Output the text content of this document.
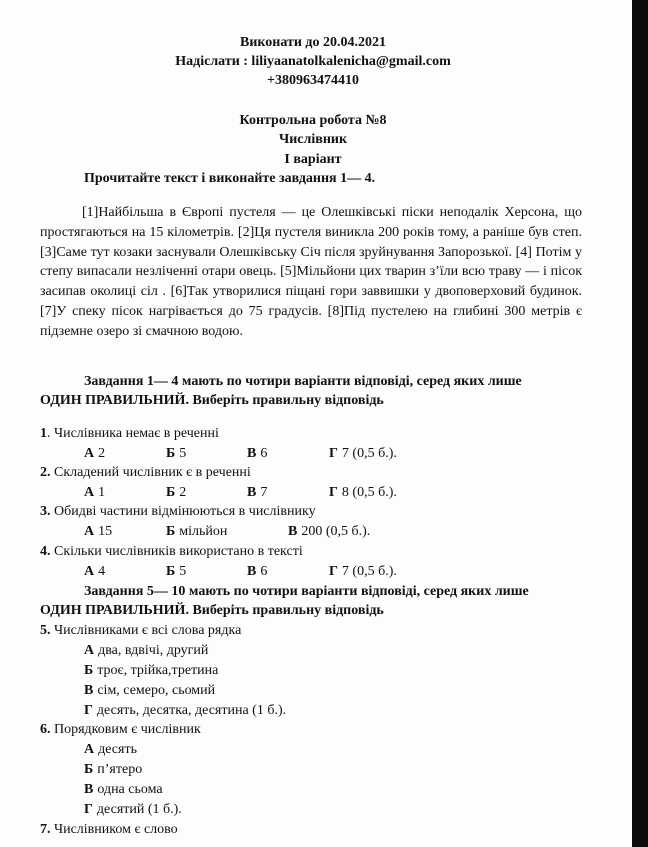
Виконати до 20.04.2021
Надіслати : liliyaanatolkalenicha@gmail.com
+380963474410
Контрольна робота №8
Числівник
І варіант
Прочитайте текст і виконайте завдання 1— 4.
[1]Найбільша в Європі пустеля — це Олешківські піски неподалік Херсона, що простягаються на 15 кілометрів. [2]Ця пустеля виникла 200 років тому, а раніше був степ. [3]Саме тут козаки заснували Олешківську Січ після зруйнування Запорозької. [4] Потім у степу випасали незліченні отари овець. [5]Мільйони цих тварин з’їли всю траву — і пісок засипав околиці сіл . [6]Так утворилися піщані гори заввишки у двоповерховий будинок. [7]У спеку пісок нагрівається до 75 градусів. [8]Під пустелею на глибині 300 метрів є підземне озеро зі смачною водою.
Завдання 1— 4 мають по чотири варіанти відповіді, серед яких лише
ОДИН ПРАВИЛЬНИЙ. Виберіть правильну відповідь
1. Числівника немає в реченні
А 2	Б 5	В 6	Г 7 (0,5 б.).
2. Складений числівник є в реченні
А 1	Б 2	В 7	Г 8 (0,5 б.).
3. Обидві частини відмінюються в числівнику
А 15	Б мільйон	В 200 (0,5 б.).
4. Скільки числівників використано в тексті
А 4	Б 5	В 6	Г 7 (0,5 б.).
Завдання 5— 10 мають по чотири варіанти відповіді, серед яких лише
ОДИН ПРАВИЛЬНИЙ. Виберіть правильну відповідь
5. Числівниками є всі слова рядка
А два, вдвічі, другий
Б троє, трійка,третина
В сім, семеро, сьомий
Г десять, десятка, десятина (1 б.).
6. Порядковим є числівник
А десять
Б п’ятеро
В одна сьома
Г десятий (1 б.).
7. Числівником є слово
